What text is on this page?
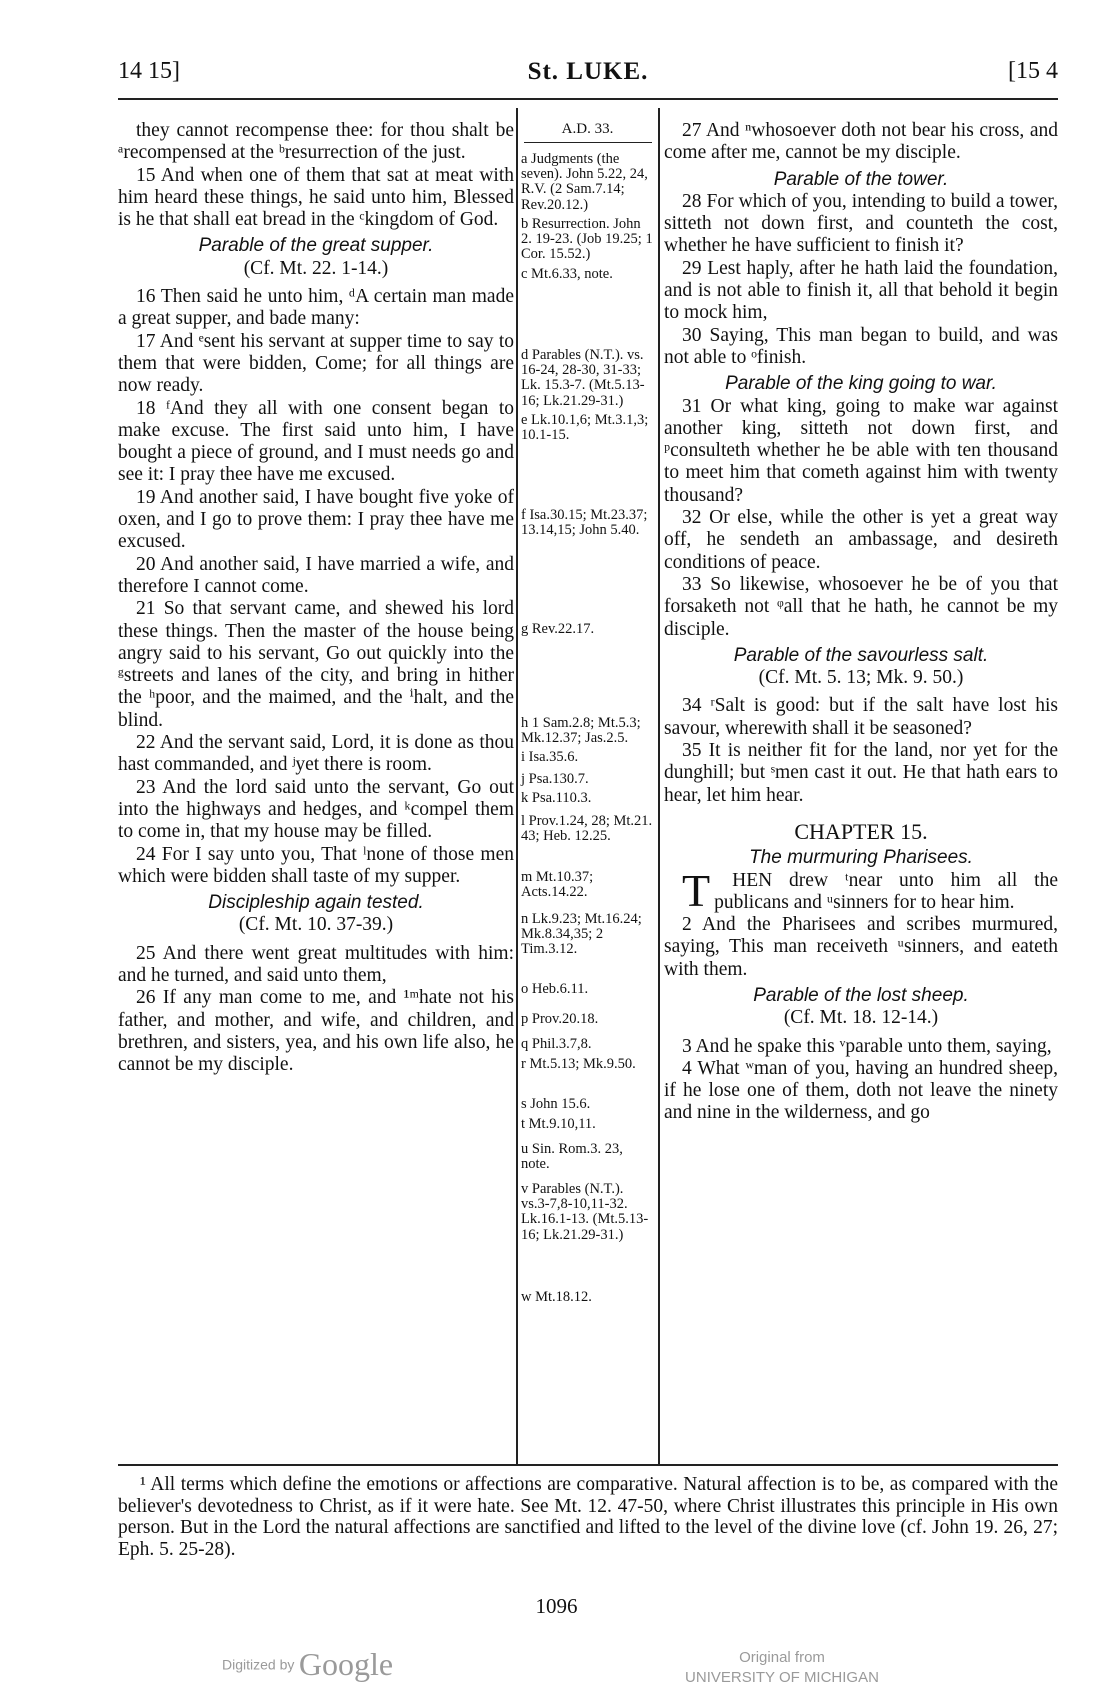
14 15]	St. LUKE.	[15 4

they cannot recompense thee: for thou shalt be ᵃrecompensed at the ᵇresurrection of the just.

15 And when one of them that sat at meat with him heard these things, he said unto him, Blessed is he that shall eat bread in the ᶜkingdom of God.

Parable of the great supper.

(Cf. Mt. 22. 1-14.)

16 Then said he unto him, ᵈA certain man made a great supper, and bade many:

17 And ᵉsent his servant at supper time to say to them that were bidden, Come; for all things are now ready.

18 ᶠAnd they all with one consent began to make excuse. The first said unto him, I have bought a piece of ground, and I must needs go and see it: I pray thee have me excused.

19 And another said, I have bought five yoke of oxen, and I go to prove them: I pray thee have me excused.

20 And another said, I have married a wife, and therefore I cannot come.

21 So that servant came, and shewed his lord these things. Then the master of the house being angry said to his servant, Go out quickly into the ᵍstreets and lanes of the city, and bring in hither the ʰpoor, and the maimed, and the ⁱhalt, and the blind.

22 And the servant said, Lord, it is done as thou hast commanded, and ʲyet there is room.

23 And the lord said unto the servant, Go out into the highways and hedges, and ᵏcompel them to come in, that my house may be filled.

24 For I say unto you, That ˡnone of those men which were bidden shall taste of my supper.

Discipleship again tested.

(Cf. Mt. 10. 37-39.)

25 And there went great multitudes with him: and he turned, and said unto them,

26 If any man come to me, and ¹ᵐhate not his father, and mother, and wife, and children, and brethren, and sisters, yea, and his own life also, he cannot be my disciple.

A.D. 33.
a Judgments (the seven). John 5.22, 24, R.V. (2 Sam.7.14; Rev.20.12.)
b Resurrection. John 2. 19-23. (Job 19.25; 1 Cor. 15.52.)
c Mt.6.33, note.
d Parables (N.T.). vs. 16-24, 28-30, 31-33; Lk. 15.3-7. (Mt.5.13-16; Lk.21.29-31.)
e Lk.10.1,6; Mt.3.1,3; 10.1-15.
f Isa.30.15; Mt.23.37; 13.14,15; John 5.40.
g Rev.22.17.
h 1 Sam.2.8; Mt.5.3; Mk.12.37; Jas.2.5.
i Isa.35.6.
j Psa.130.7.
k Psa.110.3.
l Prov.1.24, 28; Mt.21. 43; Heb. 12.25.
m Mt.10.37; Acts.14.22.
n Lk.9.23; Mt.16.24; Mk.8.34,35; 2 Tim.3.12.
o Heb.6.11.
p Prov.20.18.
q Phil.3.7,8.
r Mt.5.13; Mk.9.50.
s John 15.6.
t Mt.9.10,11.
u Sin. Rom.3. 23, note.
v Parables (N.T.). vs.3-7,8-10,11-32. Lk.16.1-13. (Mt.5.13-16; Lk.21.29-31.)
w Mt.18.12.

27 And ⁿwhosoever doth not bear his cross, and come after me, cannot be my disciple.

Parable of the tower.

28 For which of you, intending to build a tower, sitteth not down first, and counteth the cost, whether he have sufficient to finish it?

29 Lest haply, after he hath laid the foundation, and is not able to finish it, all that behold it begin to mock him,

30 Saying, This man began to build, and was not able to ᵒfinish.

Parable of the king going to war.

31 Or what king, going to make war against another king, sitteth not down first, and ᵖconsulteth whether he be able with ten thousand to meet him that cometh against him with twenty thousand?

32 Or else, while the other is yet a great way off, he sendeth an ambassage, and desireth conditions of peace.

33 So likewise, whosoever he be of you that forsaketh not ᵠall that he hath, he cannot be my disciple.

Parable of the savourless salt.

(Cf. Mt. 5. 13; Mk. 9. 50.)

34 ʳSalt is good: but if the salt have lost his savour, wherewith shall it be seasoned?

35 It is neither fit for the land, nor yet for the dunghill; but ˢmen cast it out. He that hath ears to hear, let him hear.

CHAPTER 15.

The murmuring Pharisees.

T HEN drew ᵗnear unto him all the publicans and ᵘsinners for to hear him.

2 And the Pharisees and scribes murmured, saying, This man receiveth ᵘsinners, and eateth with them.

Parable of the lost sheep.

(Cf. Mt. 18. 12-14.)

3 And he spake this ᵛparable unto them, saying,

4 What ʷman of you, having an hundred sheep, if he lose one of them, doth not leave the ninety and nine in the wilderness, and go

¹ All terms which define the emotions or affections are comparative. Natural affection is to be, as compared with the believer's devotedness to Christ, as if it were hate. See Mt. 12. 47-50, where Christ illustrates this principle in His own person. But in the Lord the natural affections are sanctified and lifted to the level of the divine love (cf. John 19. 26, 27; Eph. 5. 25-28).
1096
Digitized by Google	Original from
UNIVERSITY OF MICHIGAN
